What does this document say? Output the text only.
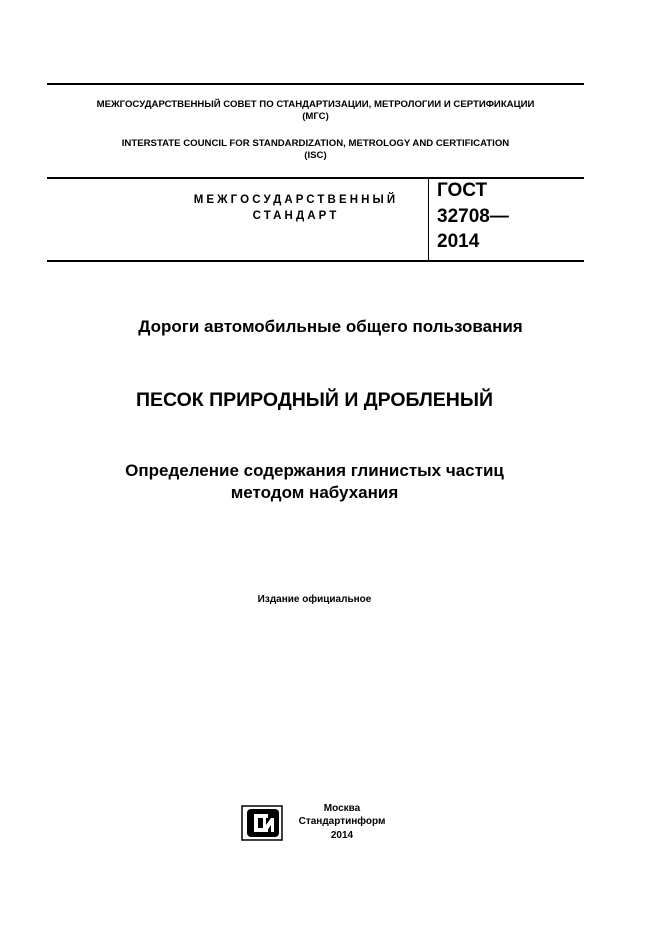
МЕЖГОСУДАРСТВЕННЫЙ СОВЕТ ПО СТАНДАРТИЗАЦИИ, МЕТРОЛОГИИ И СЕРТИФИКАЦИИ
(МГС)
INTERSTATE COUNCIL FOR STANDARDIZATION, METROLOGY AND CERTIFICATION
(ISC)
МЕЖГОСУДАРСТВЕННЫЙ
СТАНДАРТ
ГОСТ
32708—
2014
Дороги автомобильные общего пользования
ПЕСОК ПРИРОДНЫЙ И ДРОБЛЕНЫЙ
Определение содержания глинистых частиц
методом набухания
Издание официальное
СИ
Москва
Стандартинформ
2014
